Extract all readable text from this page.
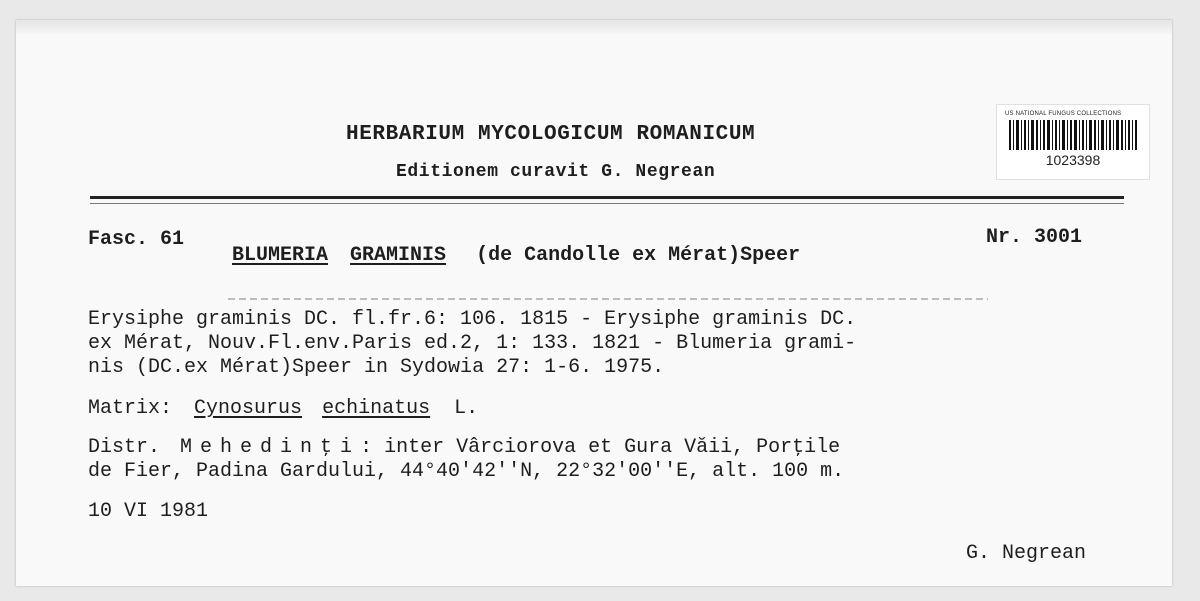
US NATIONAL FUNGUS COLLECTIONS
1023398
HERBARIUM MYCOLOGICUM ROMANICUM
Editionem curavit G. Negrean
Fasc. 61
BLUMERIA GRAMINIS (de Candolle ex Mérat)Speer
Nr. 3001
Erysiphe graminis DC. fl.fr.6: 106. 1815 - Erysiphe graminis DC.
ex Mérat, Nouv.Fl.env.Paris ed.2, 1: 133. 1821 - Blumeria grami-
nis (DC.ex Mérat)Speer in Sydowia 27: 1-6. 1975.
Matrix: Cynosurus echinatus L.
Distr. Mehedinţi: inter Vârciorova et Gura Văii, Porţile
de Fier, Padina Gardului, 44°40'42''N, 22°32'00''E, alt. 100 m.
10 VI 1981
G. Negrean
